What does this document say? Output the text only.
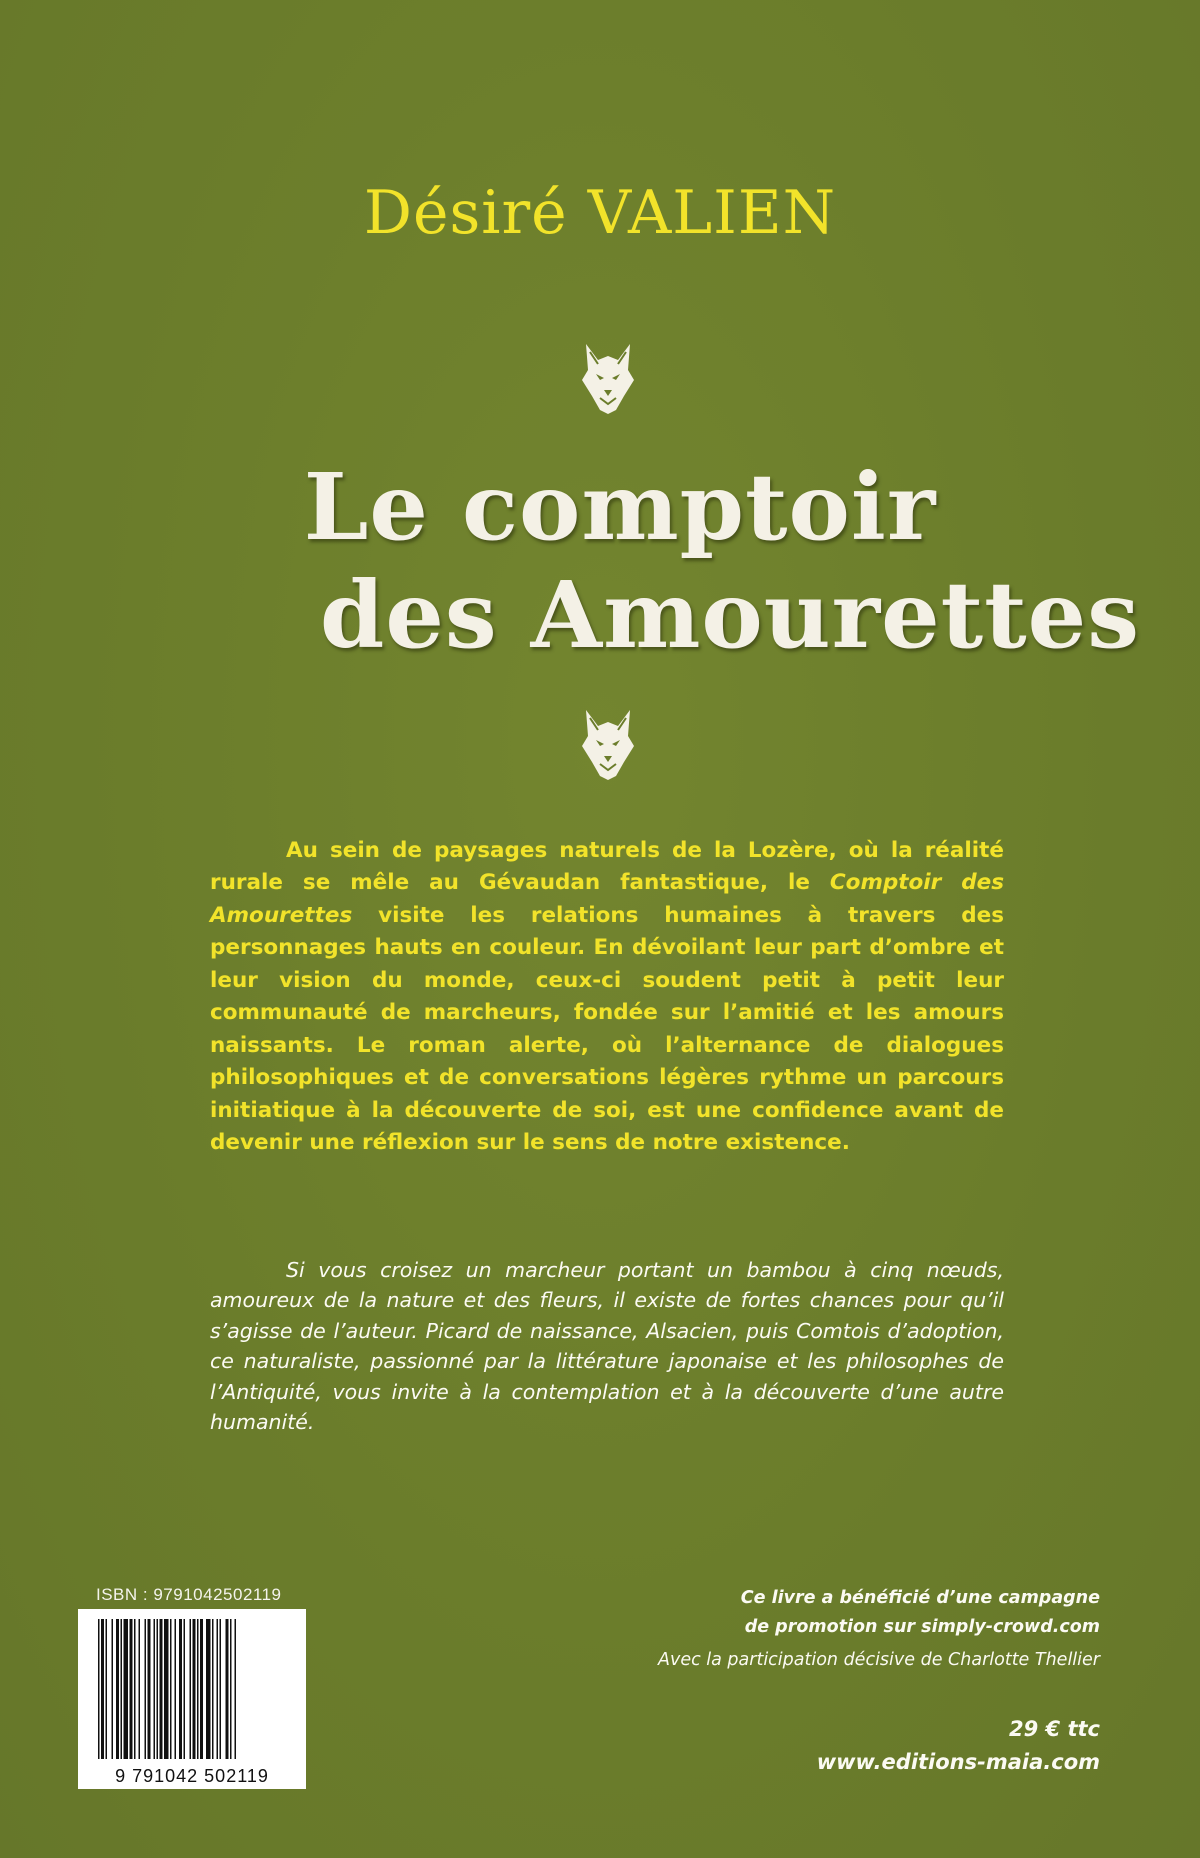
Désiré VALIEN
Le comptoir
des Amourettes

Au sein de paysages naturels de la Lozère, où la réalité rurale se mêle au Gévaudan fantastique, le Comptoir des Amourettes visite les relations humaines à travers des personnages hauts en couleur. En dévoilant leur part d’ombre et leur vision du monde, ceux-ci soudent petit à petit leur communauté de marcheurs, fondée sur l’amitié et les amours naissants. Le roman alerte, où l’alternance de dialogues philosophiques et de conversations légères rythme un parcours initiatique à la découverte de soi, est une confidence avant de devenir une réflexion sur le sens de notre existence.

Si vous croisez un marcheur portant un bambou à cinq nœuds, amoureux de la nature et des fleurs, il existe de fortes chances pour qu’il s’agisse de l’auteur. Picard de naissance, Alsacien, puis Comtois d’adoption, ce naturaliste, passionné par la littérature japonaise et les philosophes de l’Antiquité, vous invite à la contemplation et à la découverte d’une autre humanité.

ISBN : 9791042502119
9 791042 502119
Ce livre a bénéficié d’une campagne
de promotion sur simply-crowd.com
Avec la participation décisive de Charlotte Thellier
29 € ttc
www.editions-maia.com
